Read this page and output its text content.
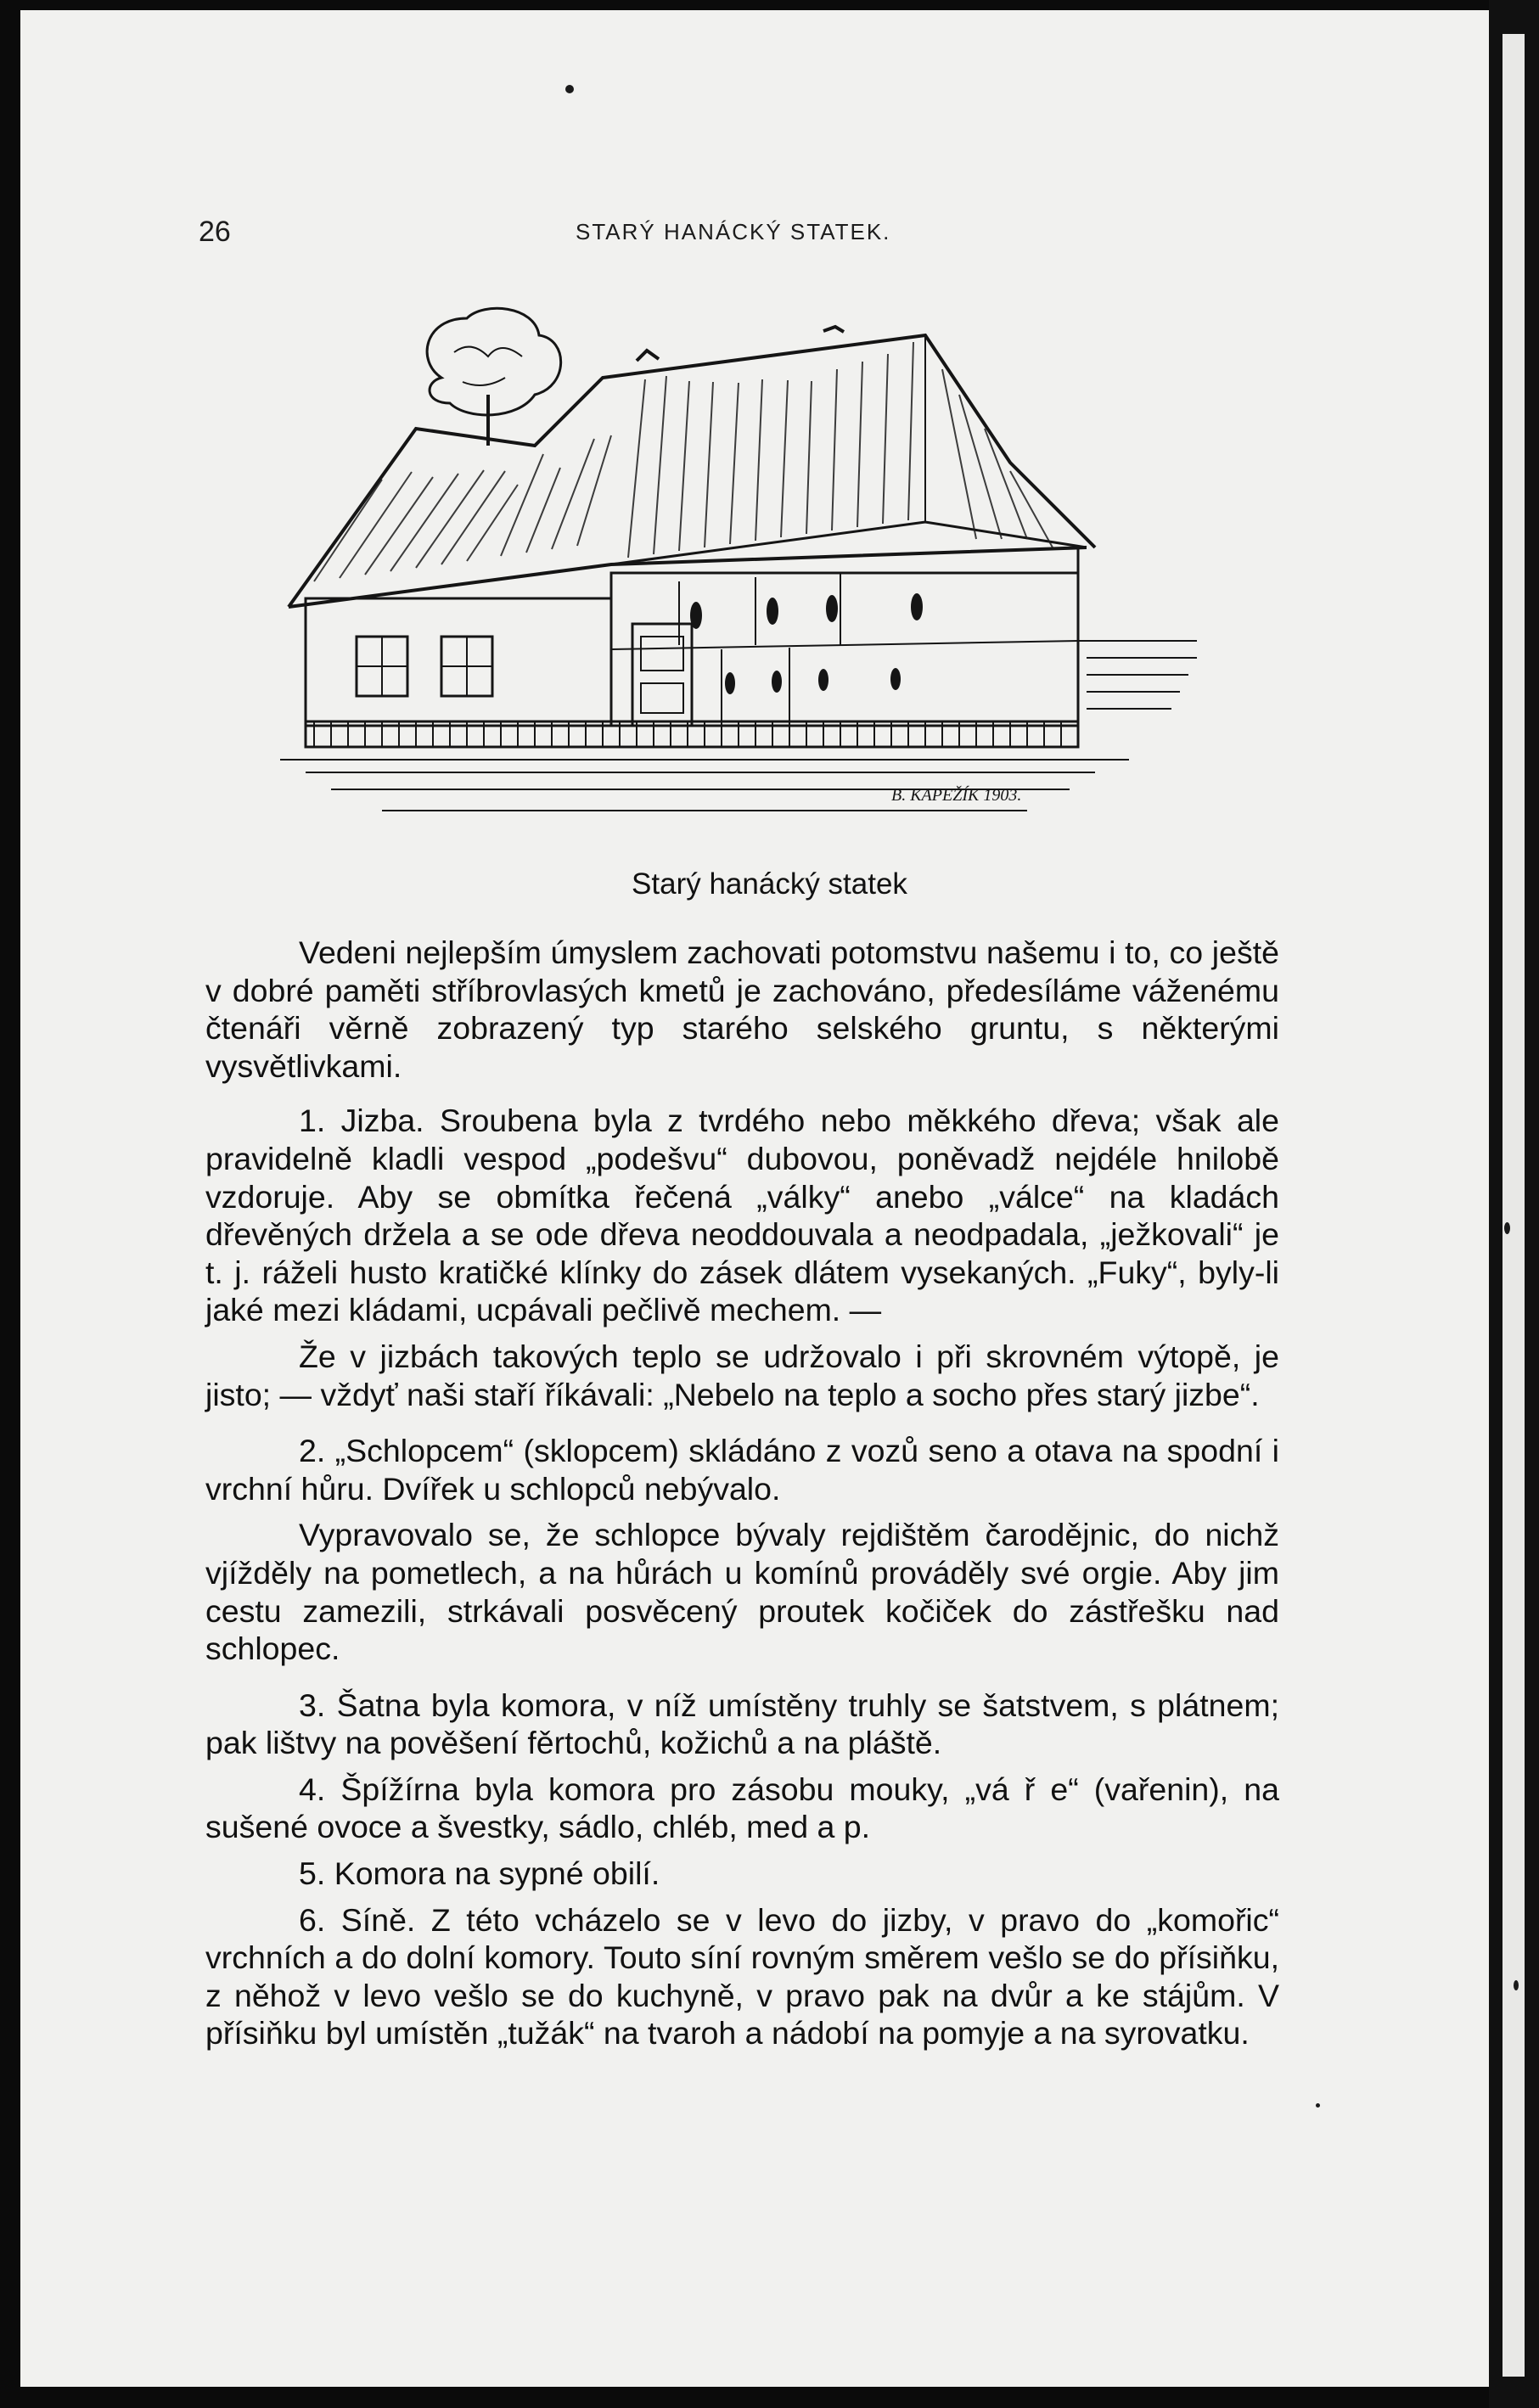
26	STARÝ HANÁCKÝ STATEK.
B. KAPEŽÍK 1903.
Starý hanácký statek

Vedeni nejlepším úmyslem zachovati potomstvu našemu i to, co ještě v dobré paměti stříbrovlasých kmetů je zachováno, předesíláme váženému čtenáři věrně zobrazený typ starého selského gruntu, s některými vysvětlivkami.

1. Jizba. Sroubena byla z tvrdého nebo měkkého dřeva; však ale pravidelně kladli vespod „podešvu“ dubovou, poněvadž nejdéle hnilobě vzdoruje. Aby se obmítka řečená „války“ anebo „válce“ na kladách dřevěných držela a se ode dřeva neoddouvala a neodpadala, „ježkovali“ je t. j. ráželi husto kratičké klínky do zásek dlátem vysekaných. „Fuky“, byly-li jaké mezi kládami, ucpávali pečlivě mechem. —

Že v jizbách takových teplo se udržovalo i při skrovném výtopě, je jisto; — vždyť naši staří říkávali: „Nebelo na teplo a socho přes starý jizbe“.

2. „Schlopcem“ (sklopcem) skládáno z vozů seno a otava na spodní i vrchní hůru. Dvířek u schlopců nebývalo.

Vypravovalo se, že schlopce bývaly rejdištěm čarodějnic, do nichž vjížděly na pometlech, a na hůrách u komínů prováděly své orgie. Aby jim cestu zamezili, strkávali posvěcený proutek kočiček do zástřešku nad schlopec.

3. Šatna byla komora, v níž umístěny truhly se šatstvem, s plátnem; pak lištvy na pověšení fěrtochů, kožichů a na pláště.

4. Špížírna byla komora pro zásobu mouky, „vá ř e“ (vařenin), na sušené ovoce a švestky, sádlo, chléb, med a p.

5. Komora na sypné obilí.

6. Síně. Z této vcházelo se v levo do jizby, v pravo do „komořic“ vrchních a do dolní komory. Touto síní rovným směrem vešlo se do přísiňku, z něhož v levo vešlo se do kuchyně, v pravo pak na dvůr a ke stájům. V přísiňku byl umístěn „tužák“ na tvaroh a nádobí na pomyje a na syrovatku.
